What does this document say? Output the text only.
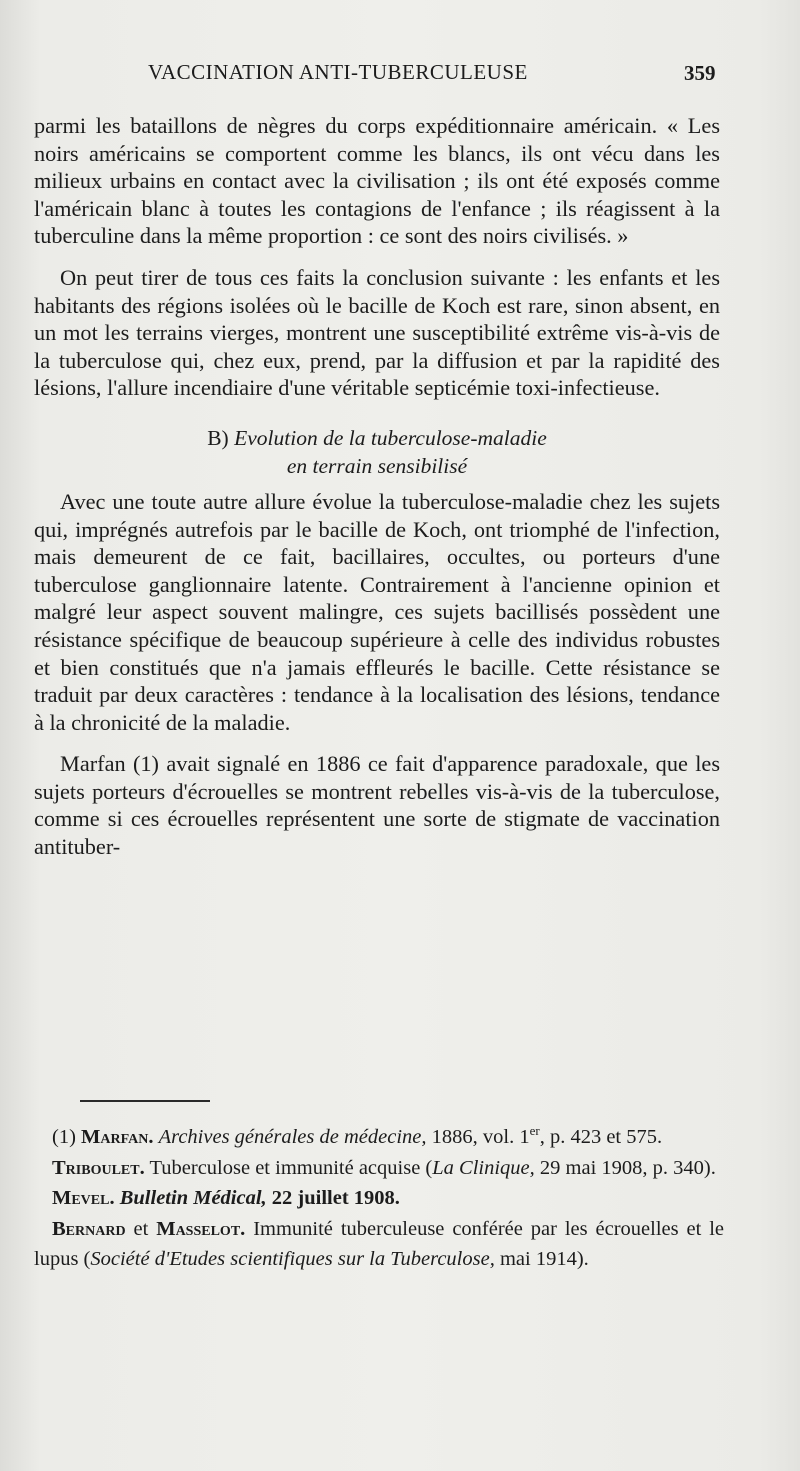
VACCINATION ANTI-TUBERCULEUSE	359

parmi les bataillons de nègres du corps expéditionnaire américain. « Les noirs américains se comportent comme les blancs, ils ont vécu dans les milieux urbains en contact avec la civilisation ; ils ont été exposés comme l'américain blanc à toutes les contagions de l'enfance ; ils réagissent à la tuberculine dans la même proportion : ce sont des noirs civilisés. »

On peut tirer de tous ces faits la conclusion suivante : les enfants et les habitants des régions isolées où le bacille de Koch est rare, sinon absent, en un mot les terrains vierges, montrent une susceptibilité extrême vis-à-vis de la tuberculose qui, chez eux, prend, par la diffusion et par la rapidité des lésions, l'allure incendiaire d'une véritable septicémie toxi-infectieuse.

B) Evolution de la tuberculose-maladie
en terrain sensibilisé

Avec une toute autre allure évolue la tuberculose-maladie chez les sujets qui, imprégnés autrefois par le bacille de Koch, ont triomphé de l'infection, mais demeurent de ce fait, bacillaires, occultes, ou porteurs d'une tuberculose ganglionnaire latente. Contrairement à l'ancienne opinion et malgré leur aspect souvent malingre, ces sujets bacillisés possèdent une résistance spécifique de beaucoup supérieure à celle des individus robustes et bien constitués que n'a jamais effleurés le bacille. Cette résistance se traduit par deux caractères : tendance à la localisation des lésions, tendance à la chronicité de la maladie.

Marfan (1) avait signalé en 1886 ce fait d'apparence paradoxale, que les sujets porteurs d'écrouelles se montrent rebelles vis-à-vis de la tuberculose, comme si ces écrouelles représentent une sorte de stigmate de vaccination antituber-

(1) Marfan. Archives générales de médecine, 1886, vol. 1er, p. 423 et 575.

Triboulet. Tuberculose et immunité acquise (La Clinique, 29 mai 1908, p. 340).

Mevel. Bulletin Médical, 22 juillet 1908.

Bernard et Masselot. Immunité tuberculeuse conférée par les écrouelles et le lupus (Société d'Etudes scientifiques sur la Tuberculose, mai 1914).
